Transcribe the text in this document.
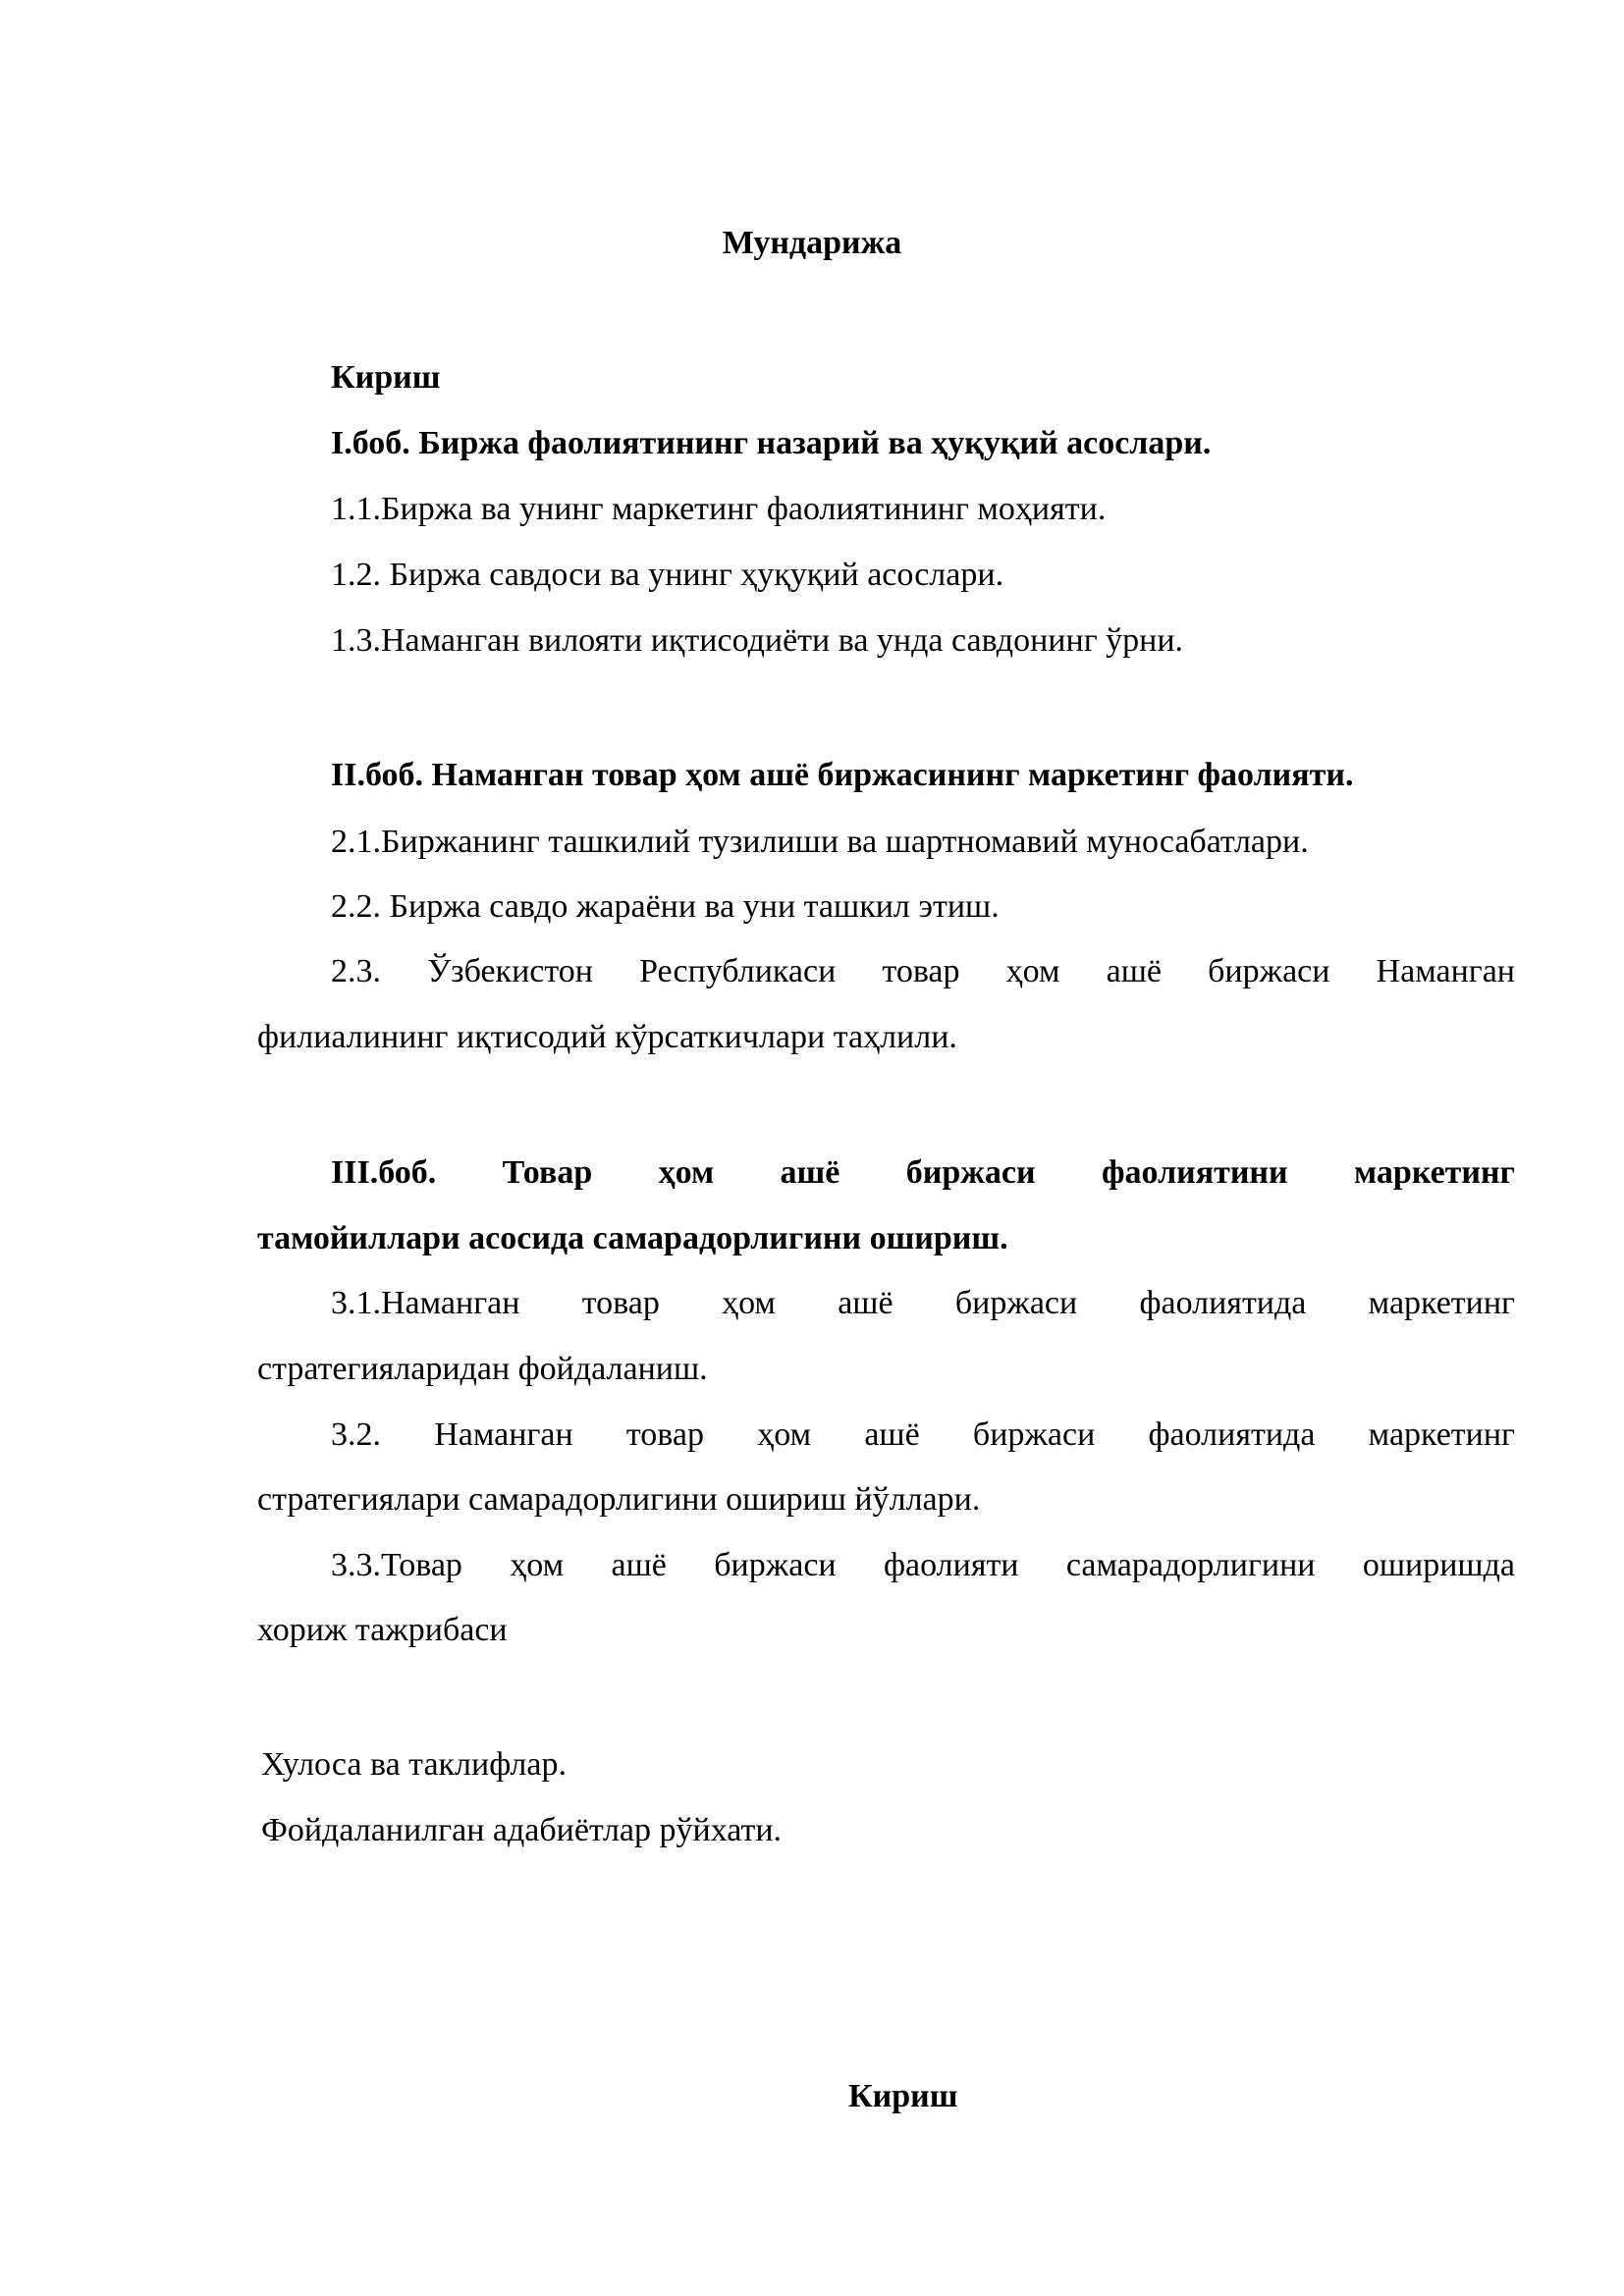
Мундарижа
Кириш
I.боб. Биржа фаолиятининг назарий ва ҳуқуқий асослари.
1.1.Биржа ва унинг маркетинг фаолиятининг моҳияти.
1.2. Биржа савдоси ва унинг ҳуқуқий асослари.
1.3.Наманган вилояти иқтисодиёти ва унда савдонинг ўрни.
II.боб. Наманган товар ҳом ашё биржасининг маркетинг фаолияти.
2.1.Биржанинг ташкилий тузилиши ва шартномавий муносабатлари.
2.2. Биржа савдо жараёни ва уни ташкил этиш.
2.3. Ўзбекистон Республикаси товар ҳом ашё биржаси Наманган
филиалининг иқтисодий кўрсаткичлари таҳлили.
III.боб. Товар ҳом ашё биржаси фаолиятини маркетинг
тамойиллари асосида самарадорлигини ошириш.
3.1.Наманган товар ҳом ашё биржаси фаолиятида маркетинг
стратегияларидан фойдаланиш.
3.2. Наманган товар ҳом ашё биржаси фаолиятида маркетинг
стратегиялари самарадорлигини ошириш йўллари.
3.3.Товар ҳом ашё биржаси фаолияти самарадорлигини оширишда
хориж тажрибаси
Хулоса ва таклифлар.
Фойдаланилган адабиётлар рўйхати.
Кириш
